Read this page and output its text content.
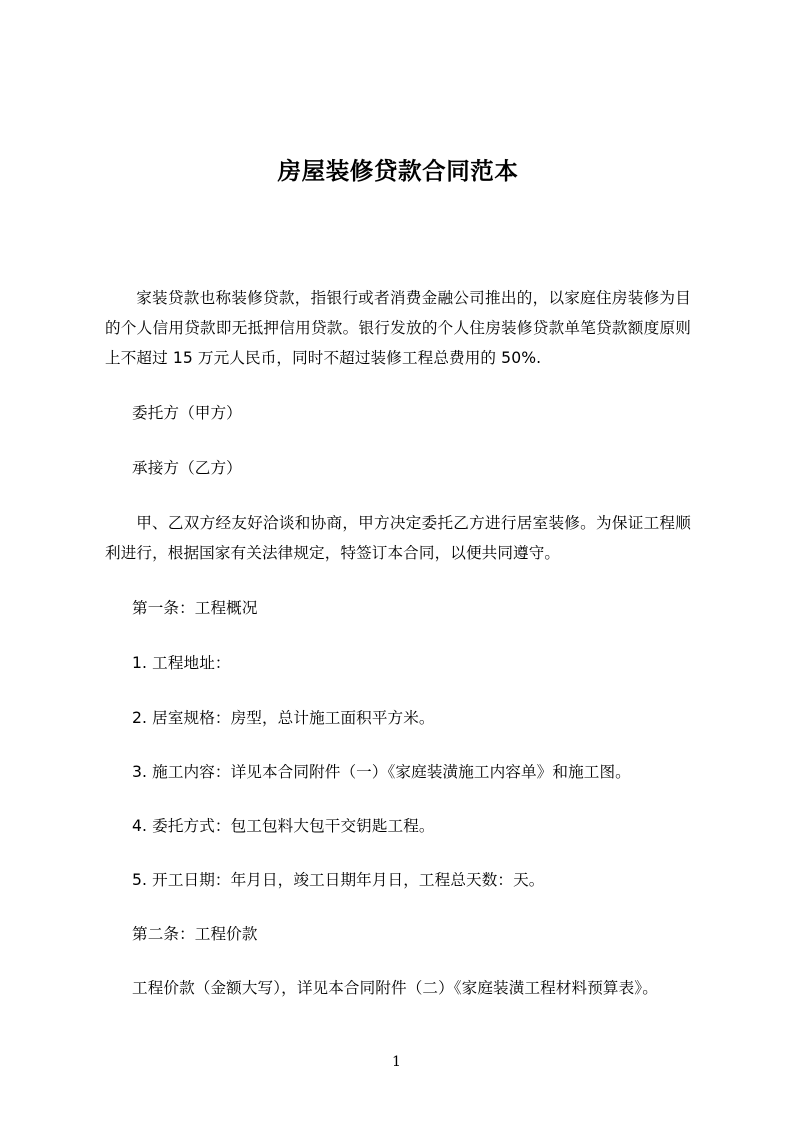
房屋装修贷款合同范本

家装贷款也称装修贷款，指银行或者消费金融公司推出的，以家庭住房装修为目的个人信用贷款即无抵押信用贷款。银行发放的个人住房装修贷款单笔贷款额度原则上不超过 15 万元人民币，同时不超过装修工程总费用的 50%.

委托方（甲方）

承接方（乙方）

甲、乙双方经友好洽谈和协商，甲方决定委托乙方进行居室装修。为保证工程顺利进行，根据国家有关法律规定，特签订本合同，以便共同遵守。

第一条：工程概况

1. 工程地址：

2. 居室规格：房型，总计施工面积平方米。

3. 施工内容：详见本合同附件（一）《家庭装潢施工内容单》和施工图。

4. 委托方式：包工包料大包干交钥匙工程。

5. 开工日期：年月日，竣工日期年月日，工程总天数：天。

第二条：工程价款

工程价款（金额大写），详见本合同附件（二）《家庭装潢工程材料预算表》。

1
